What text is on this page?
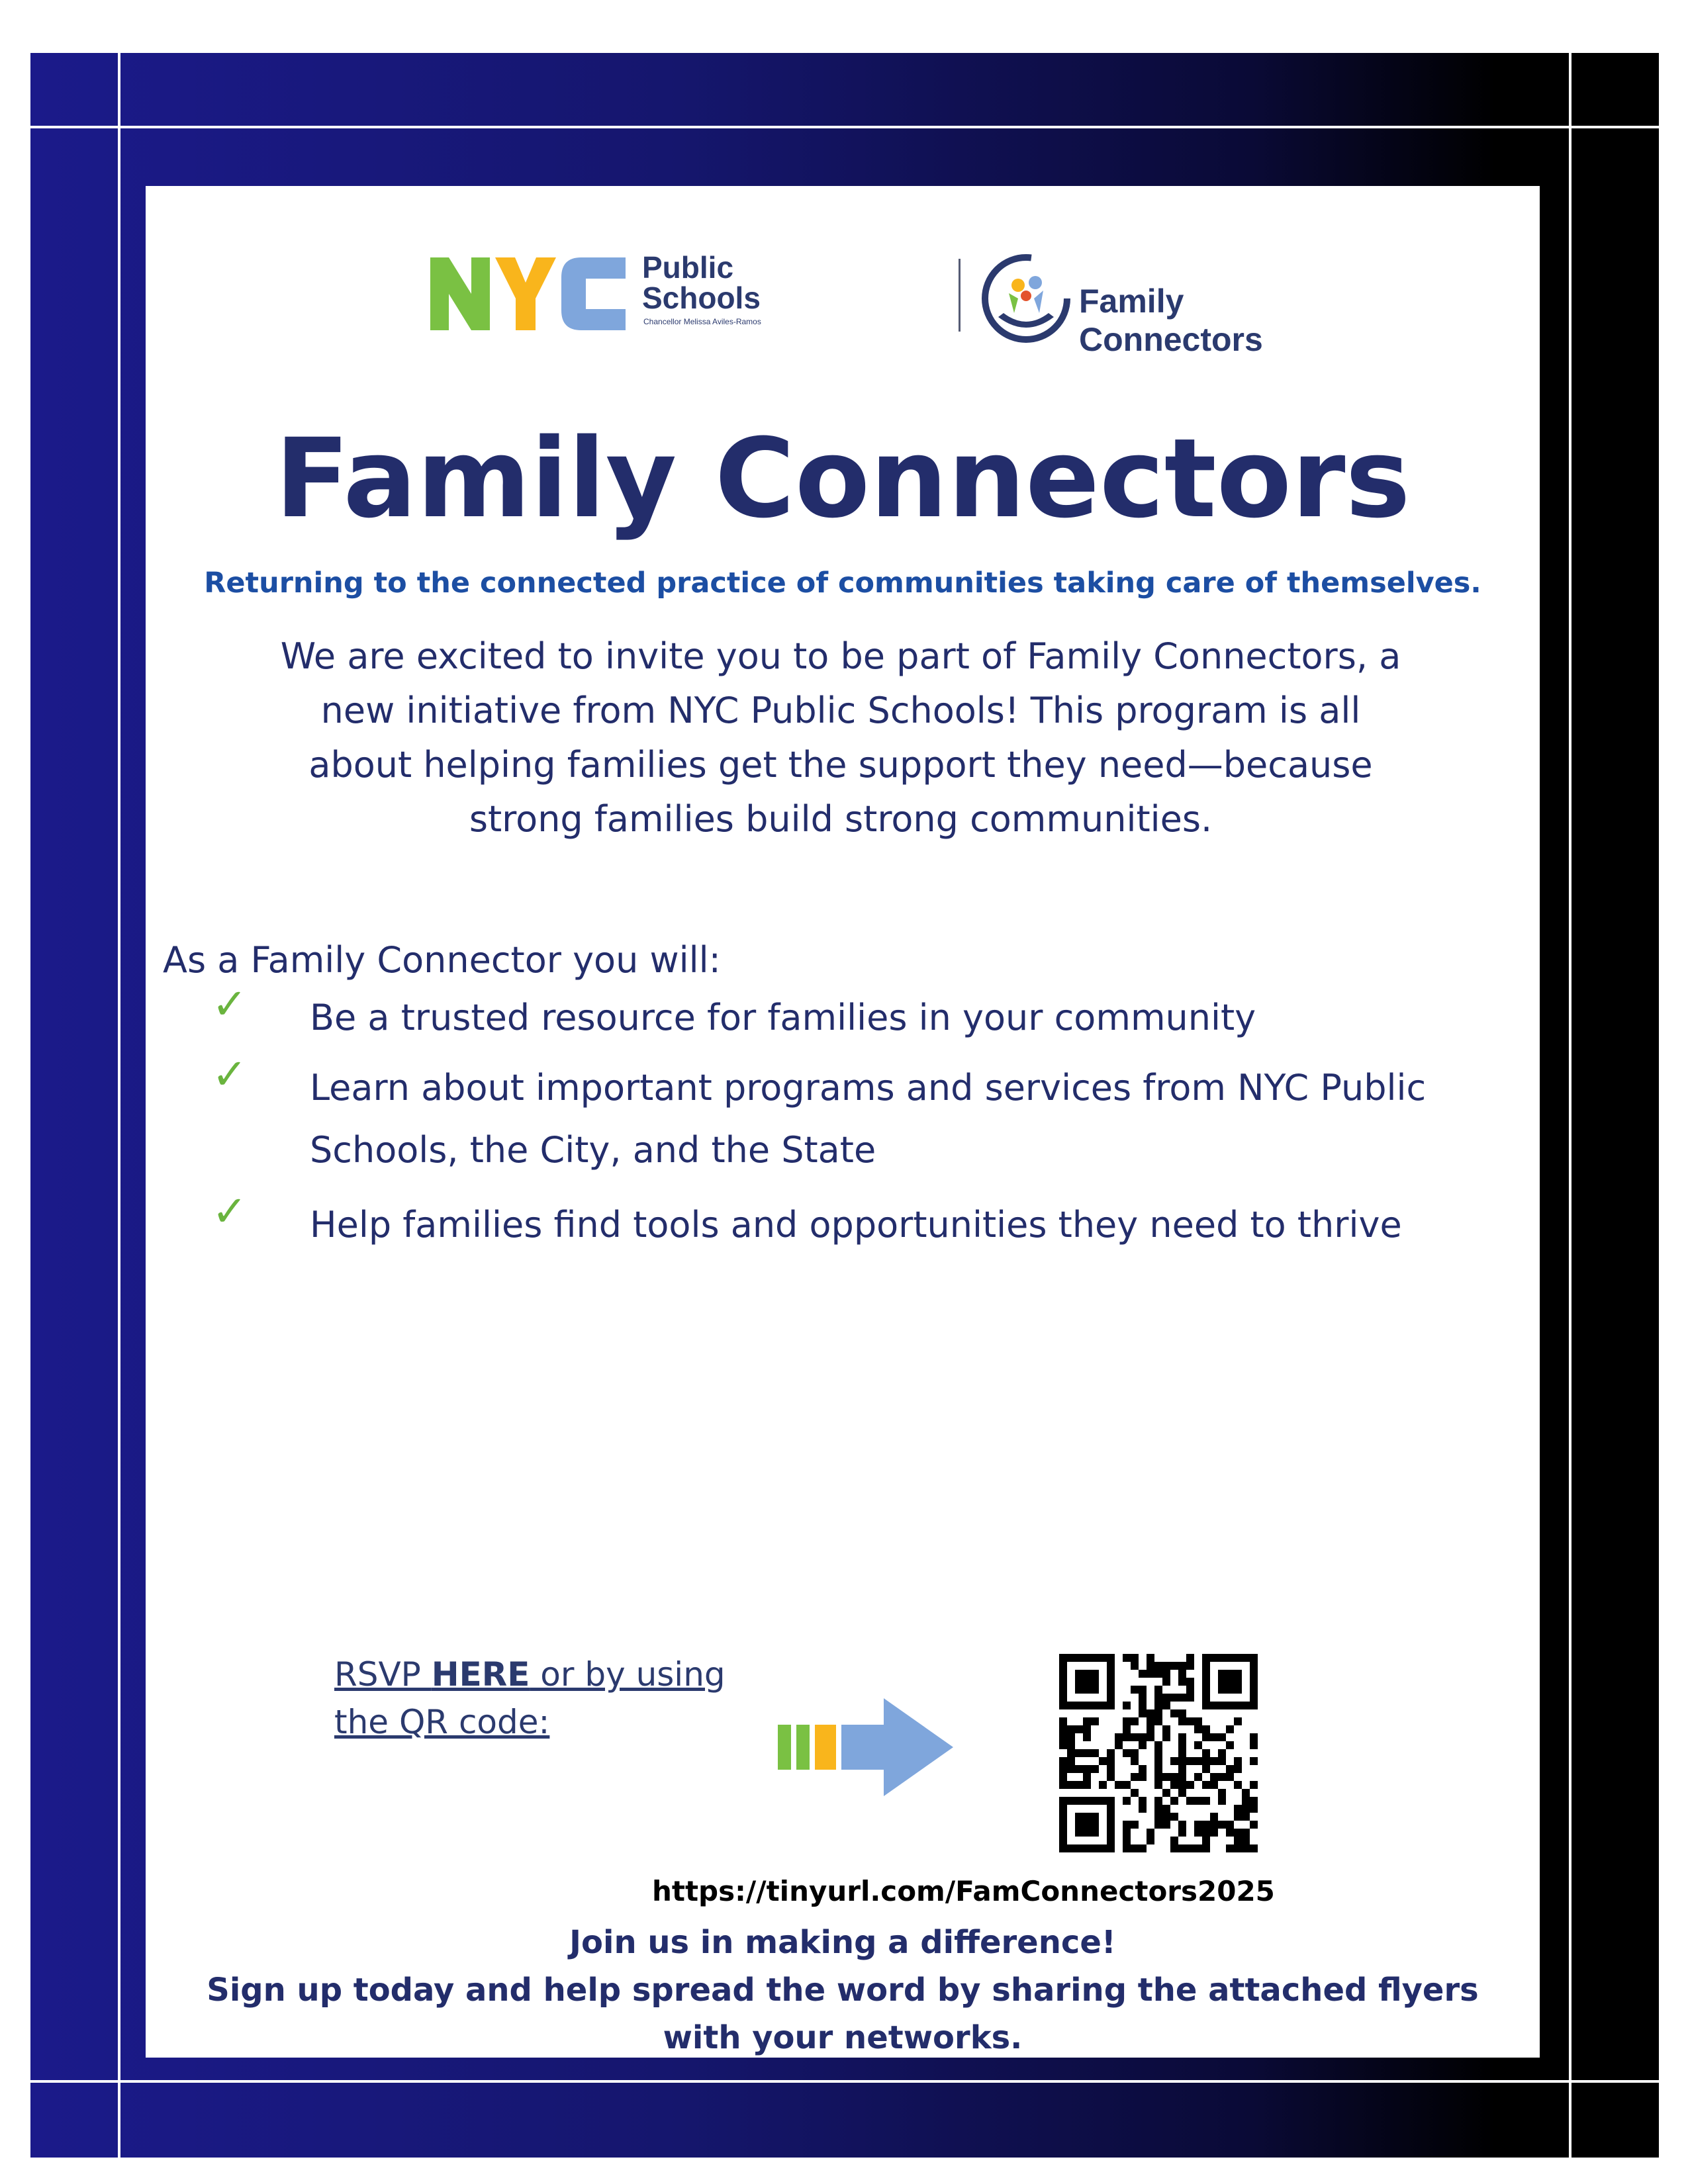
Public Schools
Chancellor Melissa Aviles-Ramos
Family Connectors
Family Connectors
Returning to the connected practice of communities taking care of themselves.
We are excited to invite you to be part of Family Connectors, a new initiative from NYC Public Schools! This program is all about helping families get the support they need—because strong families build strong communities.
As a Family Connector you will:
✓ Be a trusted resource for families in your community
✓ Learn about important programs and services from NYC Public Schools, the City, and the State
✓ Help families find tools and opportunities they need to thrive
RSVP HERE or by using the QR code:
https://tinyurl.com/FamConnectors2025
Join us in making a difference!
Sign up today and help spread the word by sharing the attached flyers with your networks.
